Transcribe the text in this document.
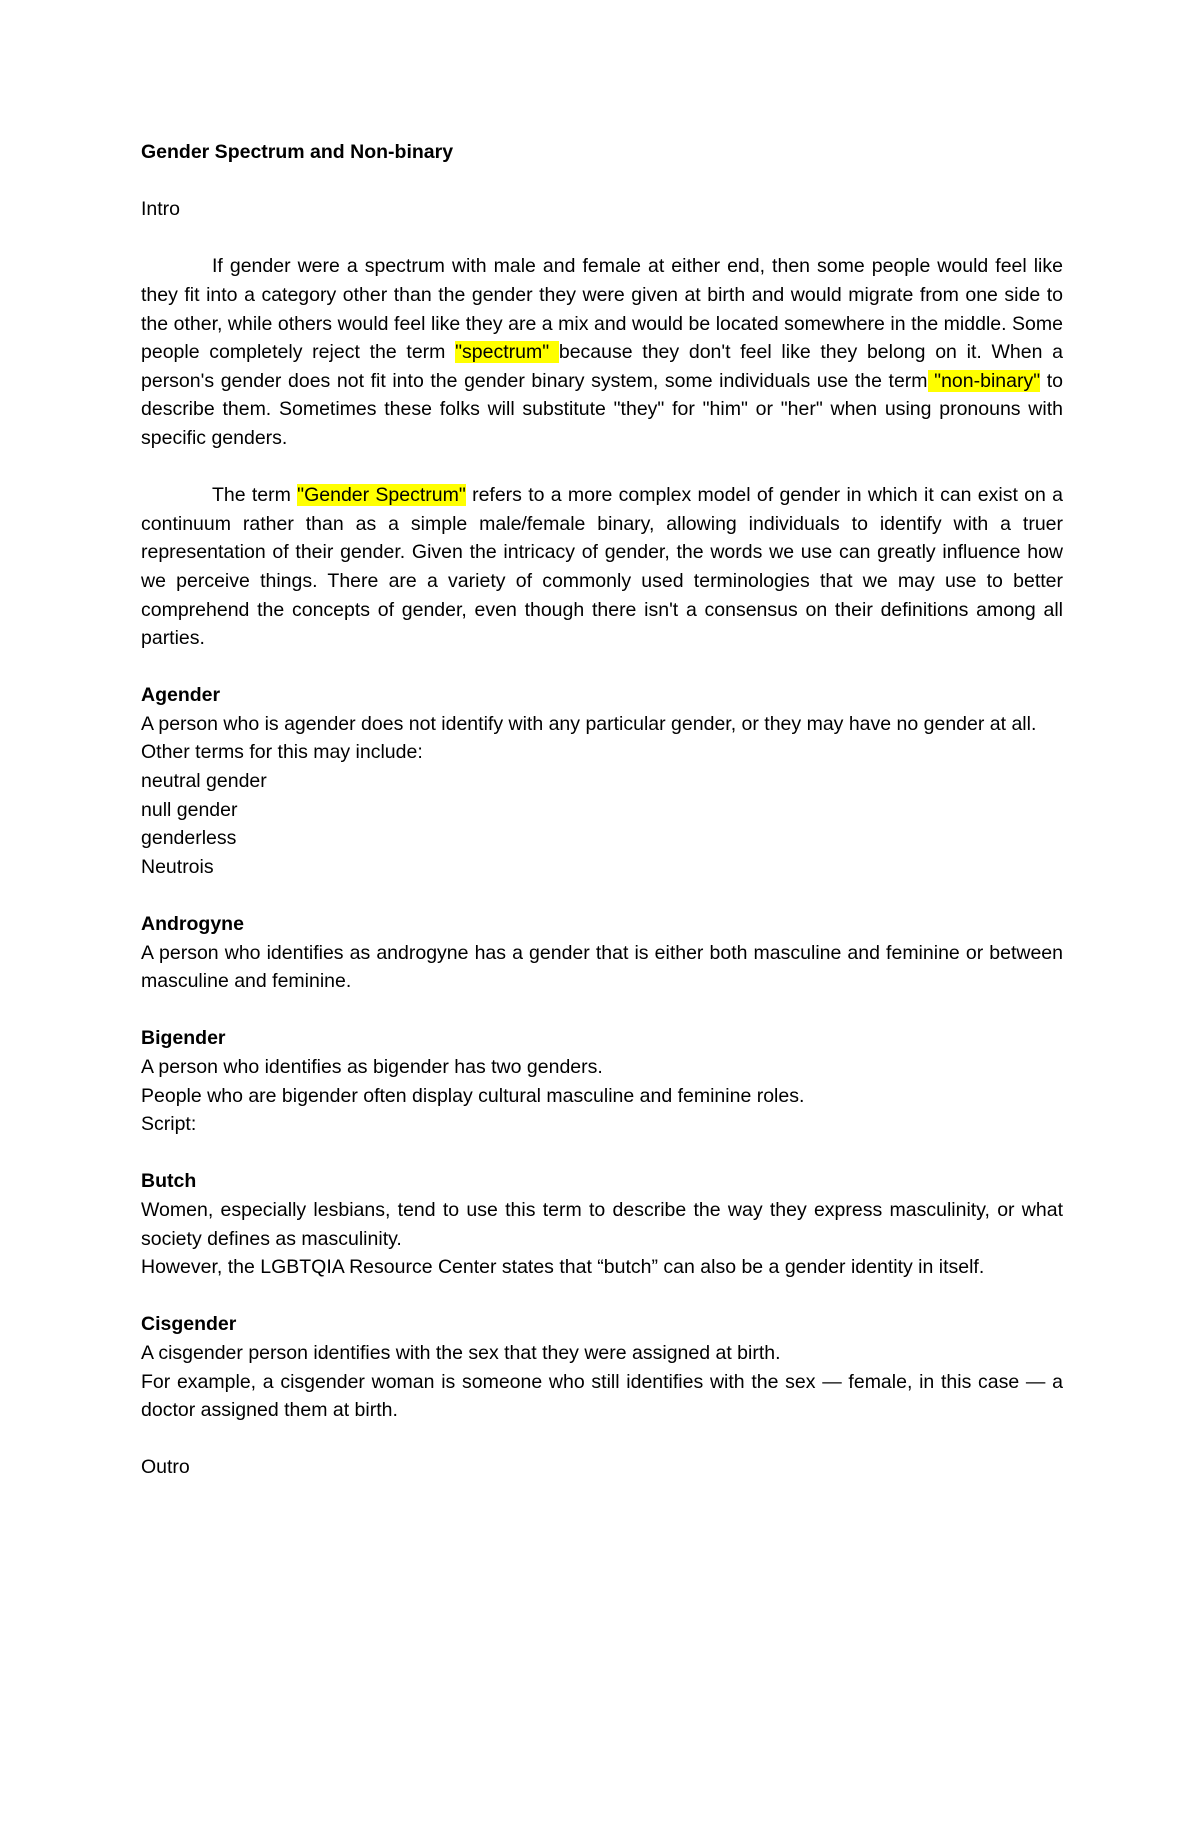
Gender Spectrum and Non-binary

Intro

If gender were a spectrum with male and female at either end, then some people would feel like they fit into a category other than the gender they were given at birth and would migrate from one side to the other, while others would feel like they are a mix and would be located somewhere in the middle. Some people completely reject the term "spectrum" because they don't feel like they belong on it. When a person's gender does not fit into the gender binary system, some individuals use the term "non-binary" to describe them. Sometimes these folks will substitute "they" for "him" or "her" when using pronouns with specific genders.

The term "Gender Spectrum" refers to a more complex model of gender in which it can exist on a continuum rather than as a simple male/female binary, allowing individuals to identify with a truer representation of their gender. Given the intricacy of gender, the words we use can greatly influence how we perceive things. There are a variety of commonly used terminologies that we may use to better comprehend the concepts of gender, even though there isn't a consensus on their definitions among all parties.

Agender

A person who is agender does not identify with any particular gender, or they may have no gender at all.

Other terms for this may include:

neutral gender

null gender

genderless

Neutrois

Androgyne

A person who identifies as androgyne has a gender that is either both masculine and feminine or between masculine and feminine.

Bigender

A person who identifies as bigender has two genders.

People who are bigender often display cultural masculine and feminine roles.

Script:

Butch

Women, especially lesbians, tend to use this term to describe the way they express masculinity, or what society defines as masculinity.

However, the LGBTQIA Resource Center states that “butch” can also be a gender identity in itself.

Cisgender

A cisgender person identifies with the sex that they were assigned at birth.

For example, a cisgender woman is someone who still identifies with the sex — female, in this case — a doctor assigned them at birth.

Outro
